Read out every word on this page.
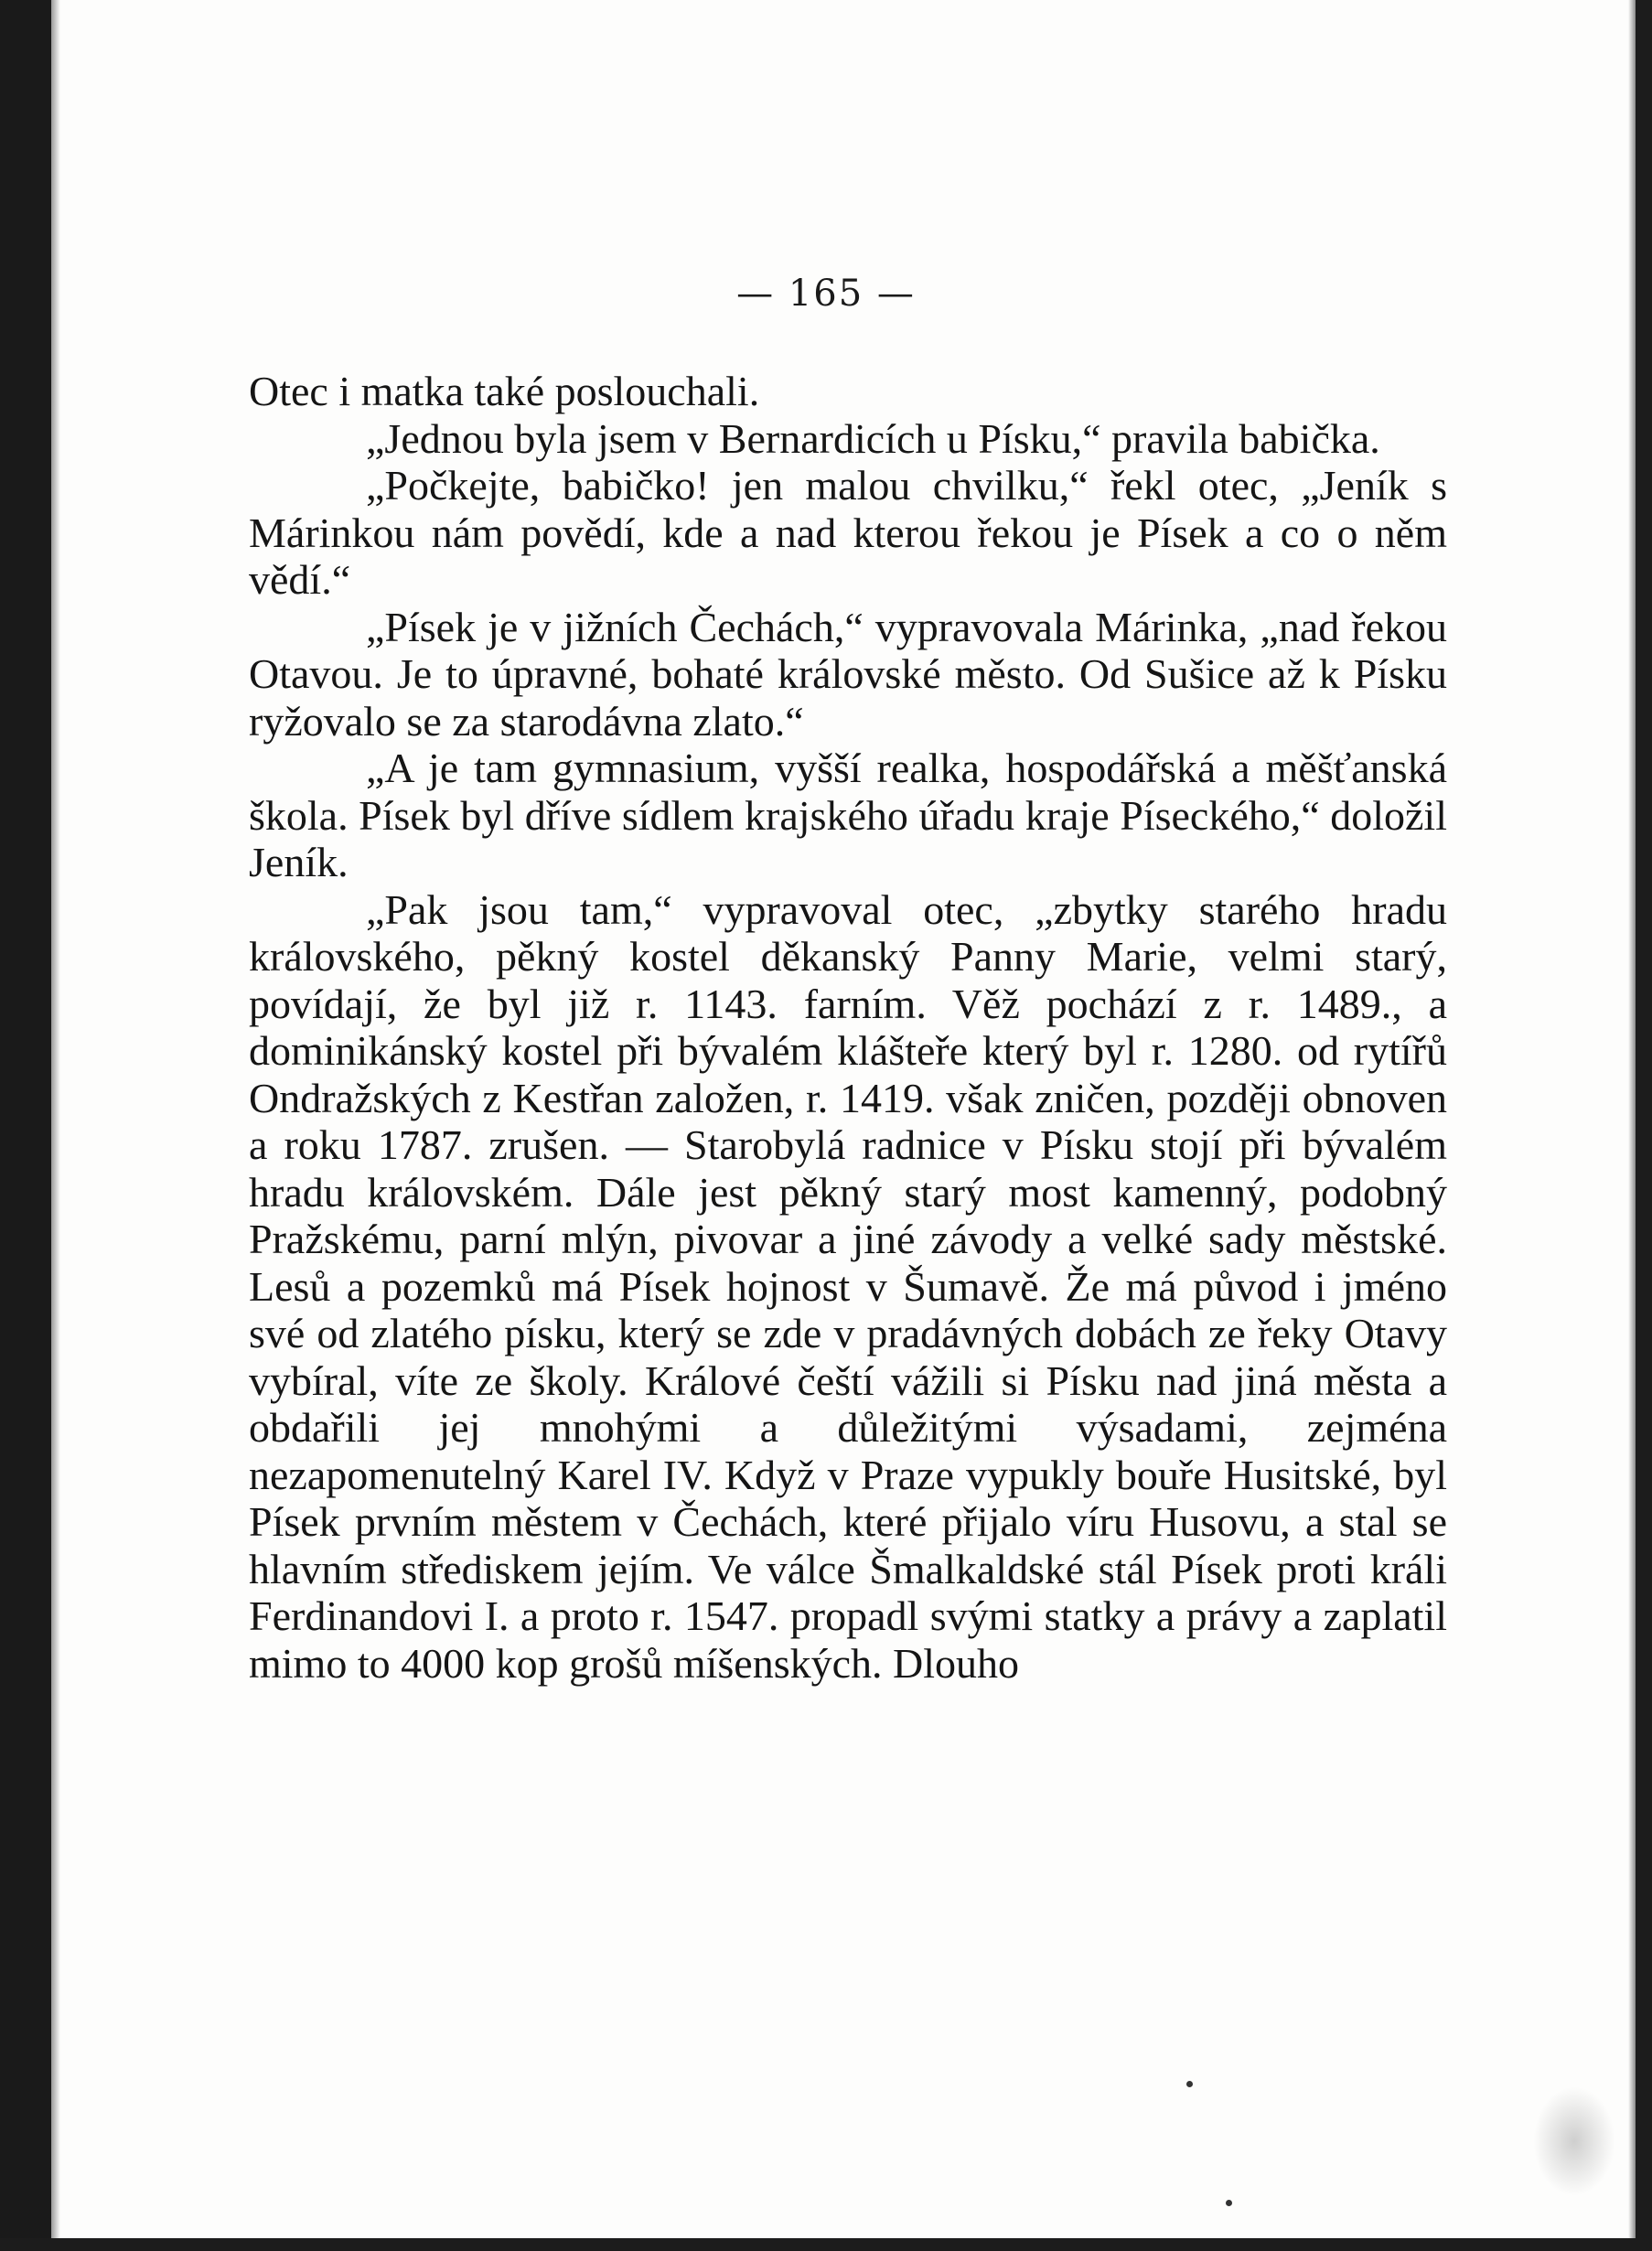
— 165 —

Otec i matka také poslouchali.

„Jednou byla jsem v Bernardicích u Písku,“ pravila babička.

„Počkejte, babičko! jen malou chvilku,“ řekl otec, „Jeník s Márinkou nám povědí, kde a nad kterou řekou je Písek a co o něm vědí.“

„Písek je v jižních Čechách,“ vypravovala Márinka, „nad řekou Otavou. Je to úpravné, bohaté královské město. Od Sušice až k Písku ryžovalo se za starodávna zlato.“

„A je tam gymnasium, vyšší realka, hospodářská a měšťanská škola. Písek byl dříve sídlem krajského úřadu kraje Píseckého,“ doložil Jeník.

„Pak jsou tam,“ vypravoval otec, „zbytky starého hradu královského, pěkný kostel děkanský Panny Marie, velmi starý, povídají, že byl již r. 1143. farním. Věž pochází z r. 1489., a dominikánský kostel při bývalém klášteře který byl r. 1280. od rytířů Ondražských z Kestřan založen, r. 1419. však zničen, později obnoven a roku 1787. zrušen. — Starobylá radnice v Písku stojí při bývalém hradu královském. Dále jest pěkný starý most kamenný, podobný Pražskému, parní mlýn, pivovar a jiné závody a velké sady městské. Lesů a pozemků má Písek hojnost v Šumavě. Že má původ i jméno své od zlatého písku, který se zde v pradávných dobách ze řeky Otavy vybíral, víte ze školy. Králové čeští vážili si Písku nad jiná města a obdařili jej mnohými a důležitými výsadami, zejména nezapomenutelný Karel IV. Když v Praze vypukly bouře Husitské, byl Písek prvním městem v Čechách, které přijalo víru Husovu, a stal se hlavním střediskem jejím. Ve válce Šmalkaldské stál Písek proti králi Ferdinandovi I. a proto r. 1547. propadl svými statky a právy a zaplatil mimo to 4000 kop grošů míšenských. Dlouho
